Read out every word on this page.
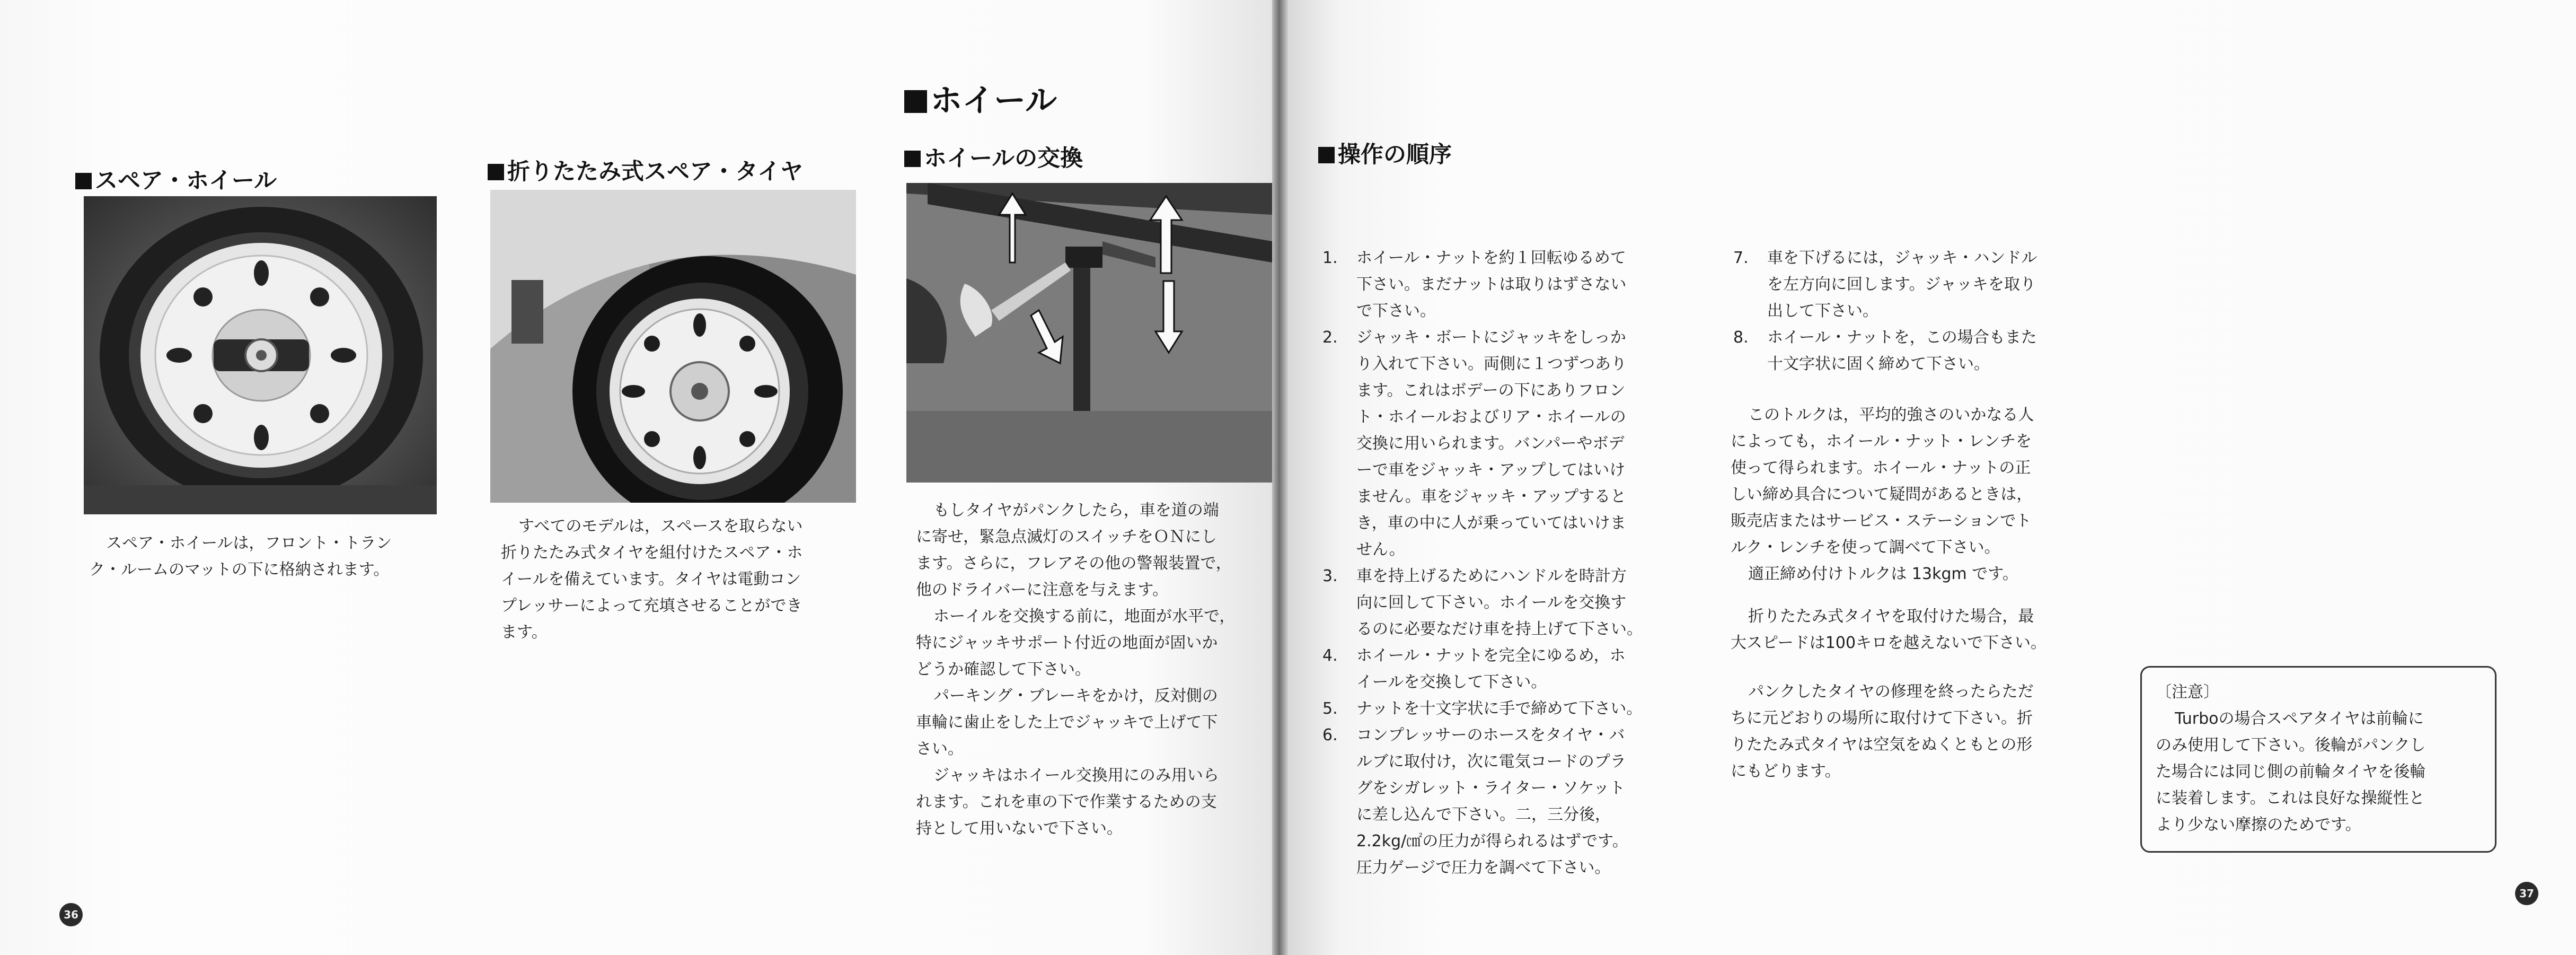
ホイール
スペア・ホイール

スペア・ホイールは，フロント・トラン

ク・ルームのマットの下に格納されます。

折りたたみ式スペア・タイヤ

すべてのモデルは，スペースを取らない

折りたたみ式タイヤを組付けたスペア・ホ

イールを備えています。タイヤは電動コン

プレッサーによって充填させることができ

ます。

ホイールの交換

もしタイヤがパンクしたら，車を道の端

に寄せ，緊急点滅灯のスイッチをＯＮにし

ます。さらに，フレアその他の警報装置で，

他のドライバーに注意を与えます。

ホーイルを交換する前に，地面が水平で，

特にジャッキサポート付近の地面が固いか

どうか確認して下さい。

パーキング・ブレーキをかけ，反対側の

車輪に歯止をした上でジャッキで上げて下

さい。

ジャッキはホイール交換用にのみ用いら

れます。これを車の下で作業するための支

持として用いないで下さい。

36
操作の順序
1. ホイール・ナットを約１回転ゆるめて
下さい。まだナットは取りはずさない
で下さい。
2. ジャッキ・ボートにジャッキをしっか
り入れて下さい。両側に１つずつあり
ます。これはボデーの下にありフロン
ト・ホイールおよびリア・ホイールの
交換に用いられます。バンパーやボデ
ーで車をジャッキ・アップしてはいけ
ません。車をジャッキ・アップすると
き，車の中に人が乗っていてはいけま
せん。
3. 車を持上げるためにハンドルを時計方
向に回して下さい。ホイールを交換す
るのに必要なだけ車を持上げて下さい。
4. ホイール・ナットを完全にゆるめ，ホ
イールを交換して下さい。
5. ナットを十文字状に手で締めて下さい。
6. コンプレッサーのホースをタイヤ・バ
ルブに取付け，次に電気コードのプラ
グをシガレット・ライター・ソケット
に差し込んで下さい。二，三分後，
2.2kg/㎠の圧力が得られるはずです。
圧力ゲージで圧力を調べて下さい。
7. 車を下げるには，ジャッキ・ハンドル
を左方向に回します。ジャッキを取り
出して下さい。
8. ホイール・ナットを，この場合もまた
十文字状に固く締めて下さい。

このトルクは，平均的強さのいかなる人

によっても，ホイール・ナット・レンチを

使って得られます。ホイール・ナットの正

しい締め具合について疑問があるときは，

販売店またはサービス・ステーションでト

ルク・レンチを使って調べて下さい。

適正締め付けトルクは 13kgm です。

折りたたみ式タイヤを取付けた場合，最

大スピードは100キロを越えないで下さい。

パンクしたタイヤの修理を終ったらただ

ちに元どおりの場所に取付けて下さい。折

りたたみ式タイヤは空気をぬくともとの形

にもどります。

37
〔注意〕
Turboの場合スペアタイヤは前輪に
のみ使用して下さい。後輪がパンクし
た場合には同じ側の前輪タイヤを後輪
に装着します。これは良好な操縦性と
より少ない摩擦のためです。
